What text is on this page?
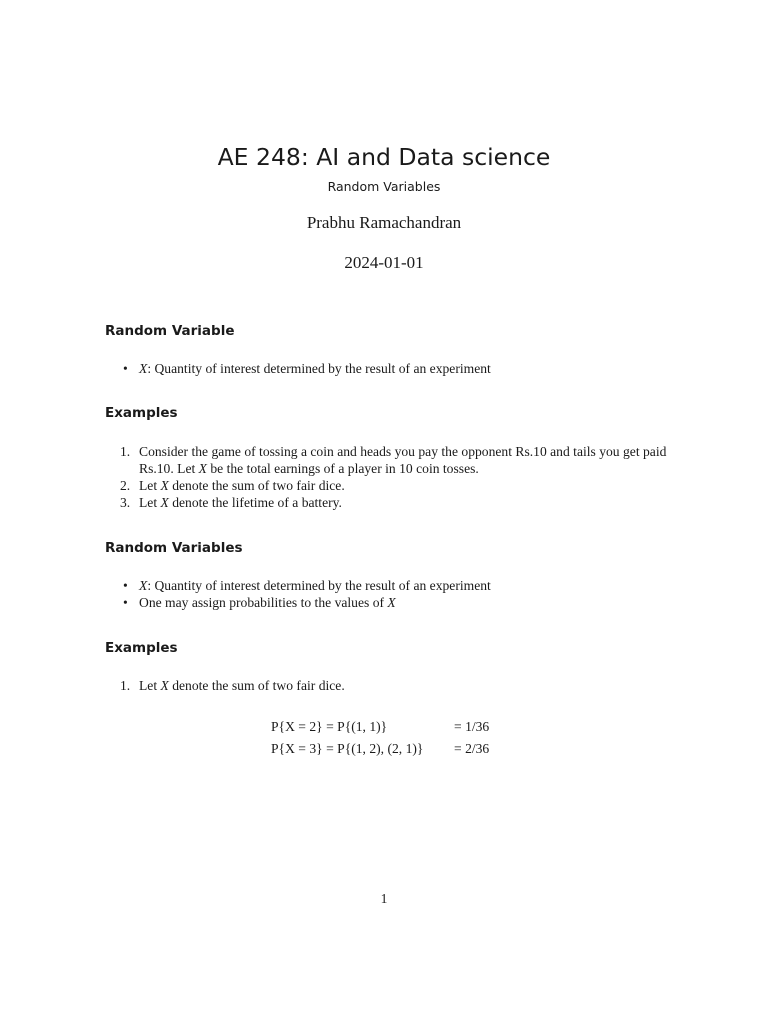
AE 248: AI and Data science
Random Variables
Prabhu Ramachandran
2024-01-01
Random Variable
• X: Quantity of interest determined by the result of an experiment
Examples
1. Consider the game of tossing a coin and heads you pay the opponent Rs.10 and tails you get paid Rs.10. Let X be the total earnings of a player in 10 coin tosses.
2. Let X denote the sum of two fair dice.
3. Let X denote the lifetime of a battery.
Random Variables
• X: Quantity of interest determined by the result of an experiment
• One may assign probabilities to the values of X
Examples
1. Let X denote the sum of two fair dice.
P{X = 2} = P{(1, 1)}	= 1/36
P{X = 3} = P{(1, 2), (2, 1)} = 2/36
1
